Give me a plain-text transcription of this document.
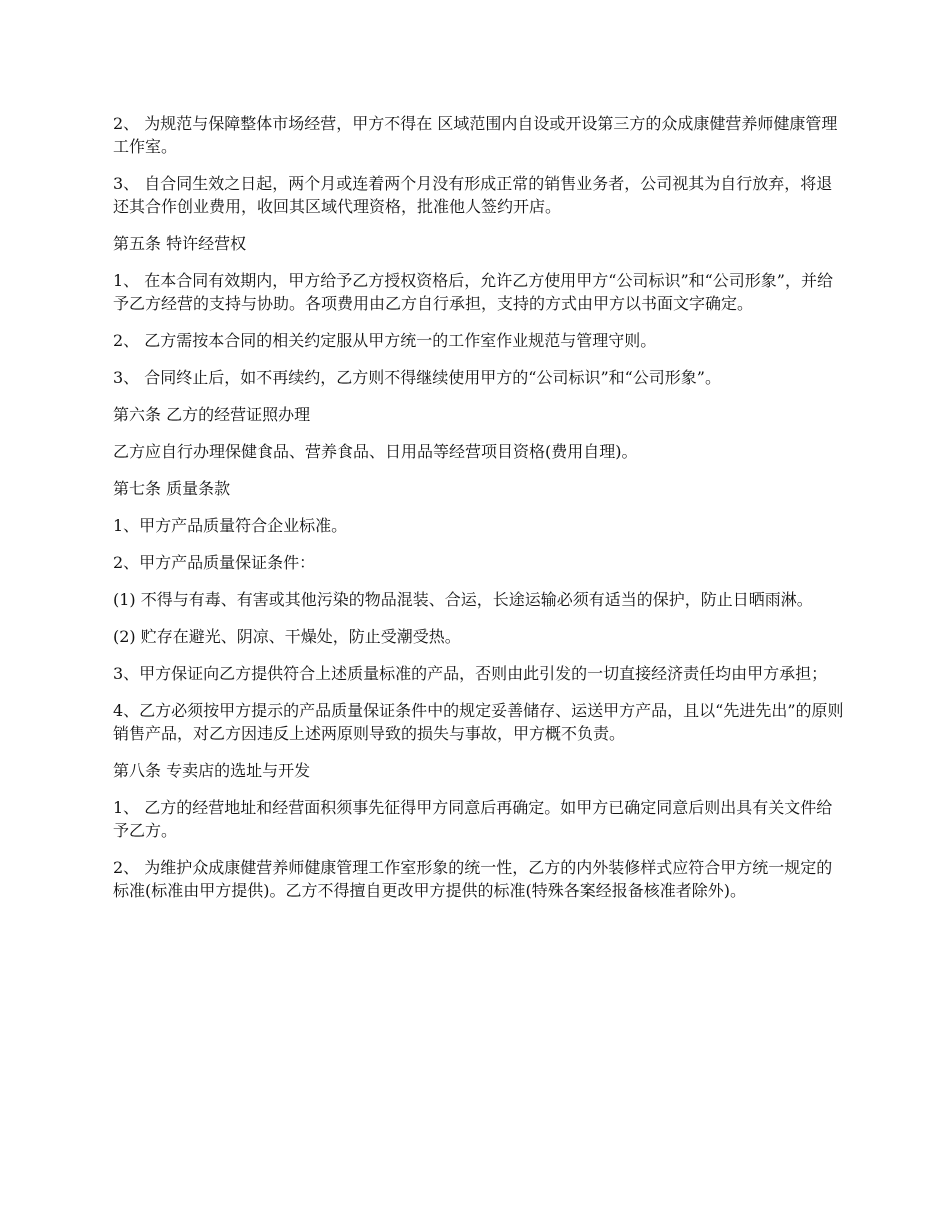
2、 为规范与保障整体市场经营，甲方不得在 区域范围内自设或开设第三方的众成康健营养师健康管理工作室。

3、 自合同生效之日起，两个月或连着两个月没有形成正常的销售业务者，公司视其为自行放弃，将退还其合作创业费用，收回其区域代理资格，批准他人签约开店。

第五条 特许经营权

1、 在本合同有效期内，甲方给予乙方授权资格后，允许乙方使用甲方“公司标识”和“公司形象”，并给予乙方经营的支持与协助。各项费用由乙方自行承担，支持的方式由甲方以书面文字确定。

2、 乙方需按本合同的相关约定服从甲方统一的工作室作业规范与管理守则。

3、 合同终止后，如不再续约，乙方则不得继续使用甲方的“公司标识”和“公司形象”。

第六条 乙方的经营证照办理

乙方应自行办理保健食品、营养食品、日用品等经营项目资格(费用自理)。

第七条 质量条款

1、甲方产品质量符合企业标准。

2、甲方产品质量保证条件：

(1) 不得与有毒、有害或其他污染的物品混装、合运，长途运输必须有适当的保护，防止日晒雨淋。

(2) 贮存在避光、阴凉、干燥处，防止受潮受热。

3、甲方保证向乙方提供符合上述质量标准的产品，否则由此引发的一切直接经济责任均由甲方承担；

4、乙方必须按甲方提示的产品质量保证条件中的规定妥善储存、运送甲方产品，且以“先进先出”的原则销售产品，对乙方因违反上述两原则导致的损失与事故，甲方概不负责。

第八条 专卖店的选址与开发

1、 乙方的经营地址和经营面积须事先征得甲方同意后再确定。如甲方已确定同意后则出具有关文件给予乙方。

2、 为维护众成康健营养师健康管理工作室形象的统一性，乙方的内外装修样式应符合甲方统一规定的标准(标准由甲方提供)。乙方不得擅自更改甲方提供的标准(特殊各案经报备核准者除外)。
